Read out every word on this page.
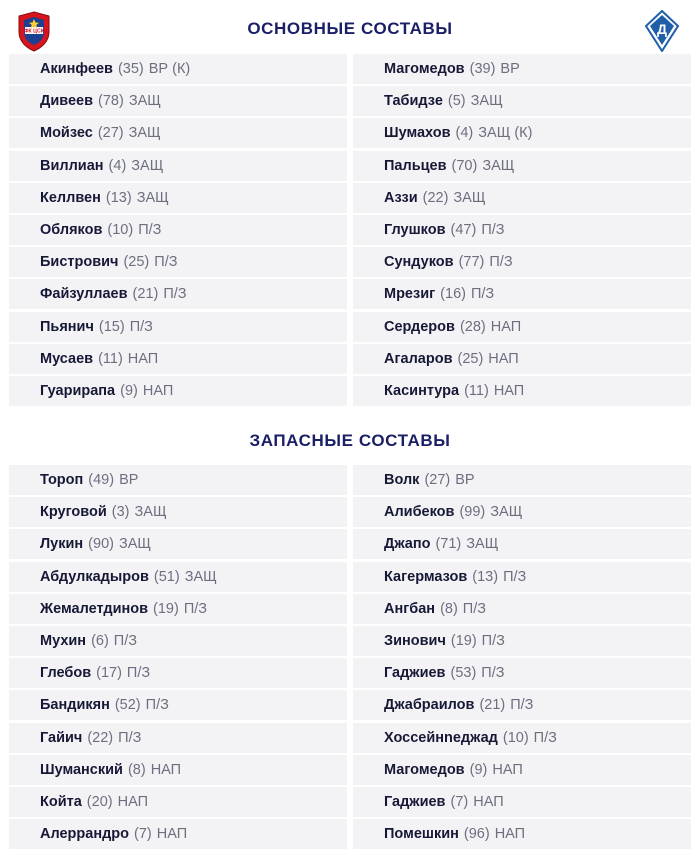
ПФК ЦСКА	Д
ОСНОВНЫЕ СОСТАВЫ
Акинфеев (35) ВР (К)
Дивеев (78) ЗАЩ
Мойзес (27) ЗАЩ
Виллиан (4) ЗАЩ
Келлвен (13) ЗАЩ
Обляков (10) П/З
Бистрович (25) П/З
Файзуллаев (21) П/З
Пьянич (15) П/З
Мусаев (11) НАП
Гуарирапа (9) НАП
Магомедов (39) ВР
Табидзе (5) ЗАЩ
Шумахов (4) ЗАЩ (К)
Пальцев (70) ЗАЩ
Аззи (22) ЗАЩ
Глушков (47) П/З
Сундуков (77) П/З
Мрезиг (16) П/З
Сердеров (28) НАП
Агаларов (25) НАП
Касинтура (11) НАП
ЗАПАСНЫЕ СОСТАВЫ
Тороп (49) ВР
Круговой (3) ЗАЩ
Лукин (90) ЗАЩ
Абдулкадыров (51) ЗАЩ
Жемалетдинов (19) П/З
Мухин (6) П/З
Глебов (17) П/З
Бандикян (52) П/З
Гайич (22) П/З
Шуманский (8) НАП
Койта (20) НАП
Алеррандро (7) НАП
Волк (27) ВР
Алибеков (99) ЗАЩ
Джапо (71) ЗАЩ
Кагермазов (13) П/З
Ангбан (8) П/З
Зинович (19) П/З
Гаджиев (53) П/З
Джабраилов (21) П/З
Хоссейнnеджад (10) П/З
Магомедов (9) НАП
Гаджиев (7) НАП
Помешкин (96) НАП
